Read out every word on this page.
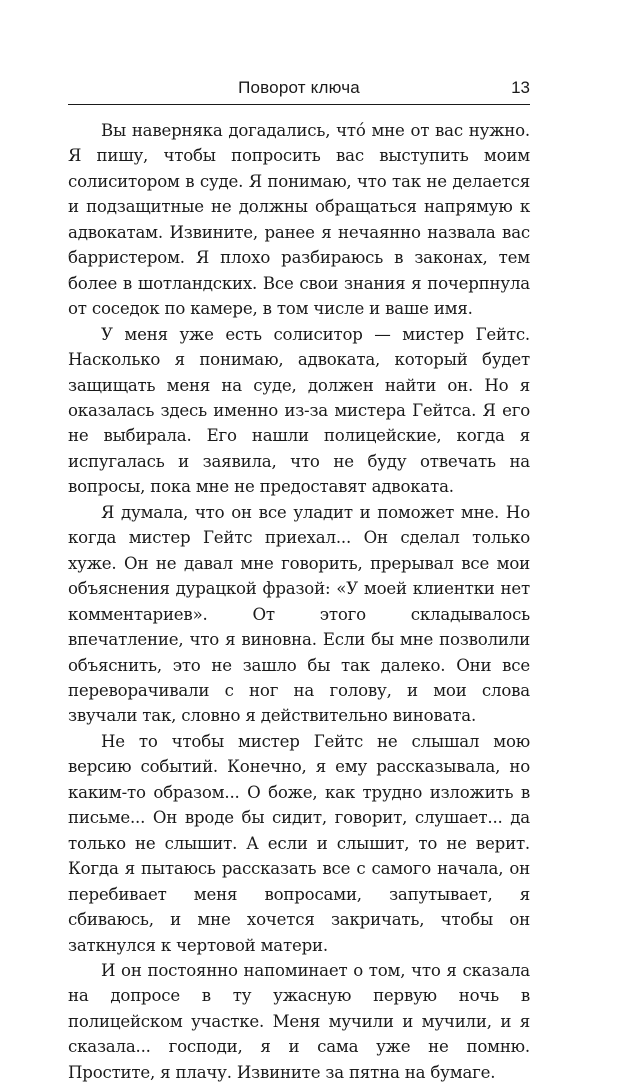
Поворот ключа	13

Вы наверняка догадались, чтó мне от вас нужно. Я пишу, чтобы попросить вас выступить моим солиситором в суде. Я понимаю, что так не делается и подзащитные не должны обращаться напрямую к адвокатам. Извините, ранее я нечаянно назвала вас барристером. Я плохо разбираюсь в законах, тем более в шотландских. Все свои знания я почерпнула от соседок по камере, в том числе и ваше имя.

У меня уже есть солиситор — мистер Гейтс. Насколько я понимаю, адвоката, который будет защищать меня на суде, должен найти он. Но я оказалась здесь именно из-за мистера Гейтса. Я его не выбирала. Его нашли полицейские, когда я испугалась и заявила, что не буду отвечать на вопросы, пока мне не предоставят адвоката.

Я думала, что он все уладит и поможет мне. Но когда мистер Гейтс приехал... Он сделал только хуже. Он не давал мне говорить, прерывал все мои объяснения дурацкой фразой: «У моей клиентки нет комментариев». От этого складывалось впечатление, что я виновна. Если бы мне позволили объяснить, это не зашло бы так далеко. Они все переворачивали с ног на голову, и мои слова звучали так, словно я действительно виновата.

Не то чтобы мистер Гейтс не слышал мою версию событий. Конечно, я ему рассказывала, но каким-то образом... О боже, как трудно изложить в письме... Он вроде бы сидит, говорит, слушает... да только не слышит. А если и слышит, то не верит. Когда я пытаюсь рассказать все с самого начала, он перебивает меня вопросами, запутывает, я сбиваюсь, и мне хочется закричать, чтобы он заткнулся к чертовой матери.

И он постоянно напоминает о том, что я сказала на допросе в ту ужасную первую ночь в полицейском участке. Меня мучили и мучили, и я сказала... господи, я и сама уже не помню. Простите, я плачу. Извините за пятна на бумаге.
